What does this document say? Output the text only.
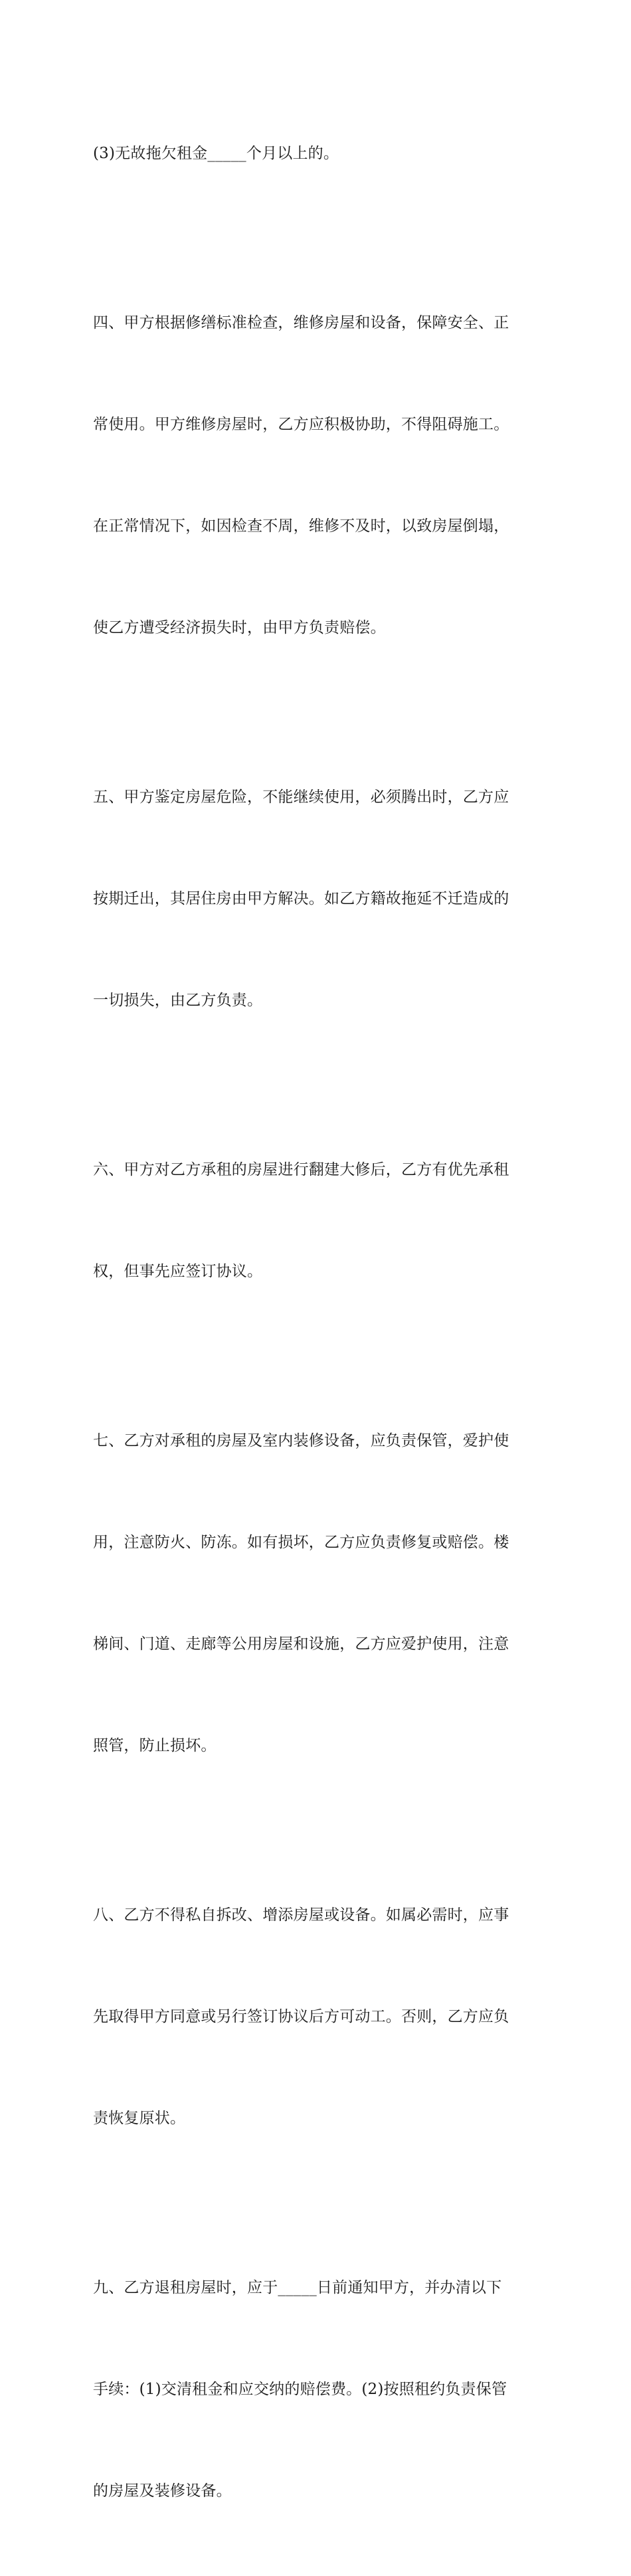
(3)无故拖欠租金_____个月以上的。

四、甲方根据修缮标准检查，维修房屋和设备，保障安全、正

常使用。甲方维修房屋时，乙方应积极协助，不得阻碍施工。

在正常情况下，如因检查不周，维修不及时，以致房屋倒塌，

使乙方遭受经济损失时，由甲方负责赔偿。

五、甲方鉴定房屋危险，不能继续使用，必须腾出时，乙方应

按期迁出，其居住房由甲方解决。如乙方籍故拖延不迁造成的

一切损失，由乙方负责。

六、甲方对乙方承租的房屋进行翻建大修后，乙方有优先承租

权，但事先应签订协议。

七、乙方对承租的房屋及室内装修设备，应负责保管，爱护使

用，注意防火、防冻。如有损坏，乙方应负责修复或赔偿。楼

梯间、门道、走廊等公用房屋和设施，乙方应爱护使用，注意

照管，防止损坏。

八、乙方不得私自拆改、增添房屋或设备。如属必需时，应事

先取得甲方同意或另行签订协议后方可动工。否则，乙方应负

责恢复原状。

九、乙方退租房屋时，应于_____日前通知甲方，并办清以下

手续：(1)交清租金和应交纳的赔偿费。(2)按照租约负责保管

的房屋及装修设备。
